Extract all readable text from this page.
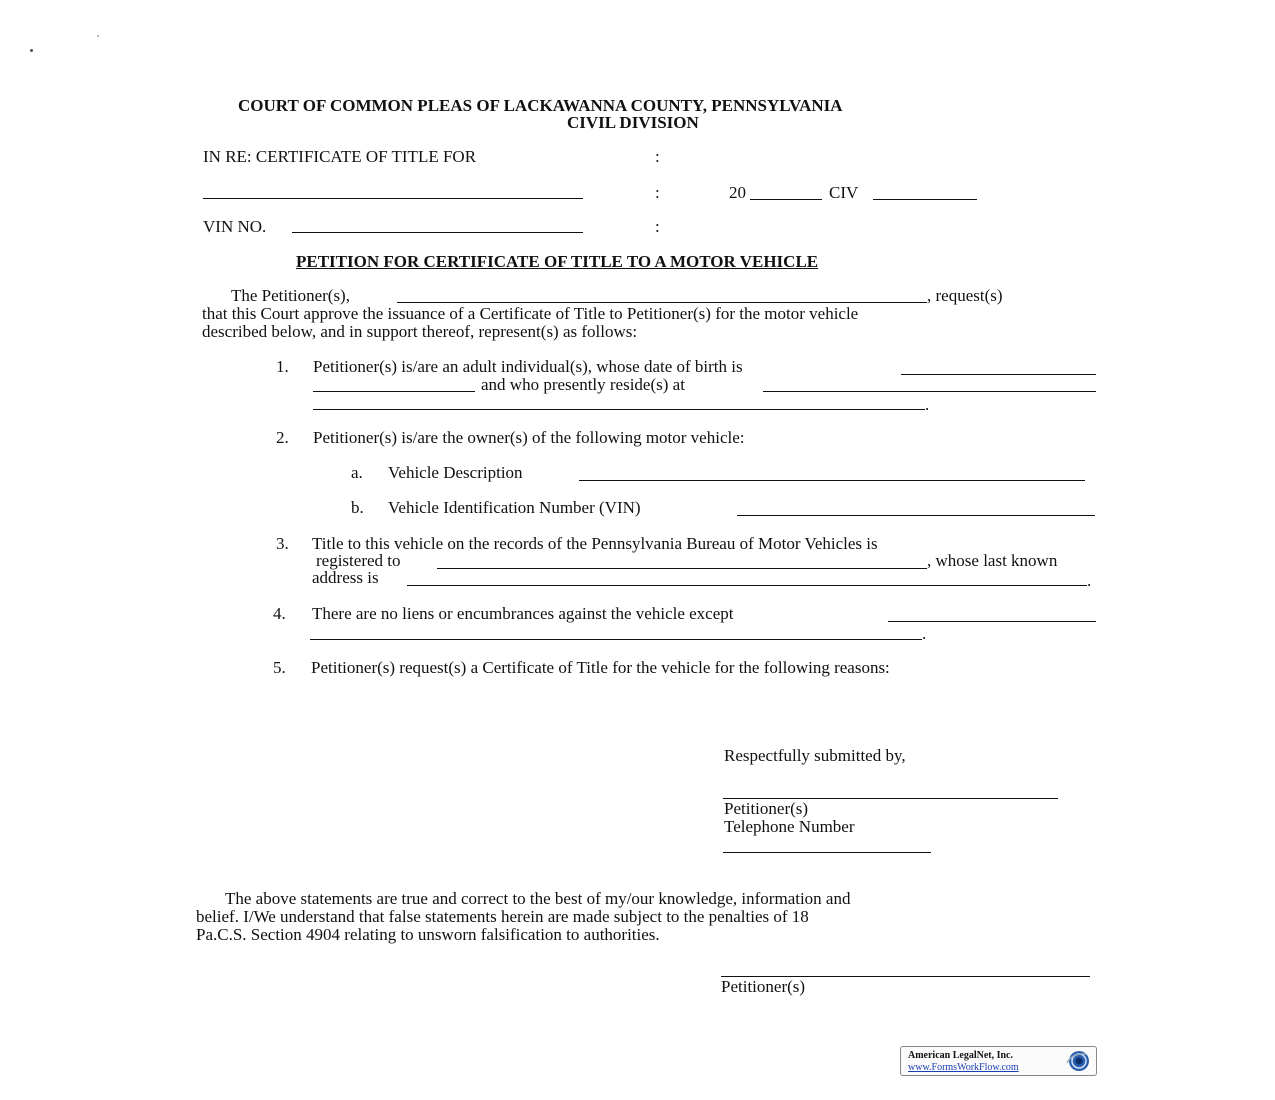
COURT OF COMMON PLEAS OF LACKAWANNA COUNTY, PENNSYLVANIA
CIVIL DIVISION
IN RE: CERTIFICATE OF TITLE FOR	:
:	20	CIV
VIN NO.	:
PETITION FOR CERTIFICATE OF TITLE TO A MOTOR VEHICLE
The Petitioner(s),	, request(s)
that this Court approve the issuance of a Certificate of Title to Petitioner(s) for the motor vehicle
described below, and in support thereof, represent(s) as follows:
1. Petitioner(s) is/are an adult individual(s), whose date of birth is
and who presently reside(s) at
.
2. Petitioner(s) is/are the owner(s) of the following motor vehicle:
a. Vehicle Description
b. Vehicle Identification Number (VIN)
3. Title to this vehicle on the records of the Pennsylvania Bureau of Motor Vehicles is
registered to	, whose last known
address is	.
4. There are no liens or encumbrances against the vehicle except
.
5. Petitioner(s) request(s) a Certificate of Title for the vehicle for the following reasons:
Respectfully submitted by,
Petitioner(s)
Telephone Number
The above statements are true and correct to the best of my/our knowledge, information and
belief. I/We understand that false statements herein are made subject to the penalties of 18
Pa.C.S. Section 4904 relating to unsworn falsification to authorities.
Petitioner(s)
American LegalNet, Inc.
www.FormsWorkFlow.com
